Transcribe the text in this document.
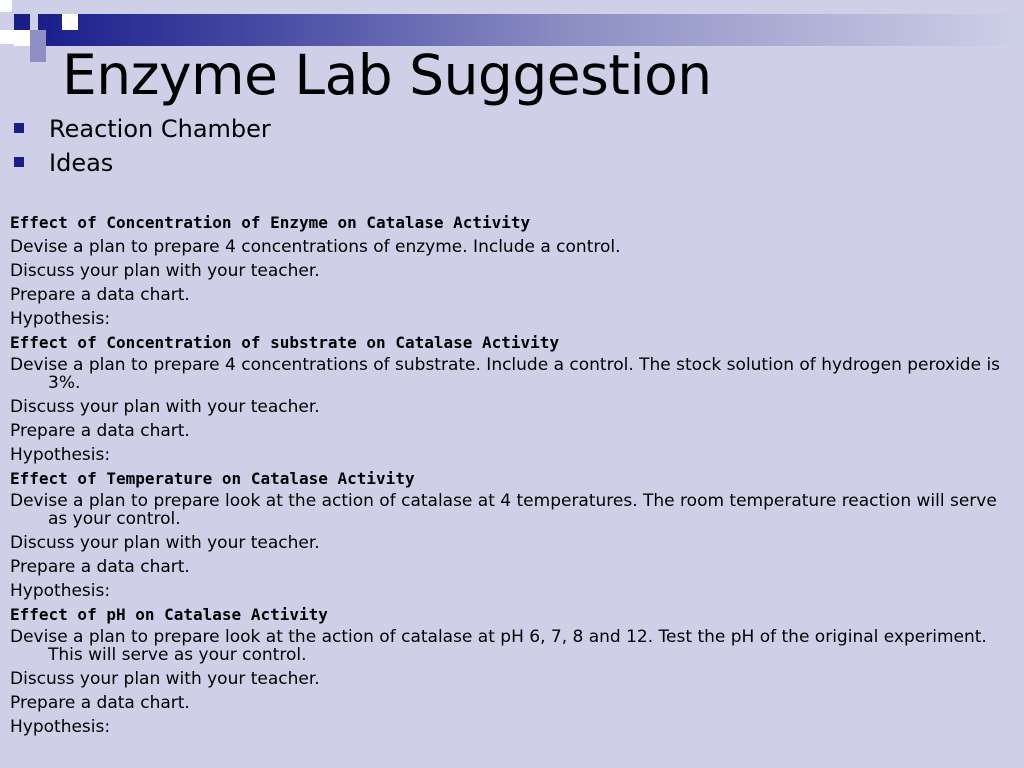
Enzyme Lab Suggestion
Reaction Chamber
Ideas
Effect of Concentration of Enzyme on Catalase Activity
Devise a plan to prepare 4 concentrations of enzyme. Include a control.
Discuss your plan with your teacher.
Prepare a data chart.
Hypothesis:
Effect of Concentration of substrate on Catalase Activity
Devise a plan to prepare 4 concentrations of substrate. Include a control. The stock solution of hydrogen peroxide is 3%.
Discuss your plan with your teacher.
Prepare a data chart.
Hypothesis:
Effect of Temperature on Catalase Activity
Devise a plan to prepare look at the action of catalase at 4 temperatures. The room temperature reaction will serve as your control.
Discuss your plan with your teacher.
Prepare a data chart.
Hypothesis:
Effect of pH on Catalase Activity
Devise a plan to prepare look at the action of catalase at pH 6, 7, 8 and 12. Test the pH of the original experiment. This will serve as your control.
Discuss your plan with your teacher.
Prepare a data chart.
Hypothesis:
